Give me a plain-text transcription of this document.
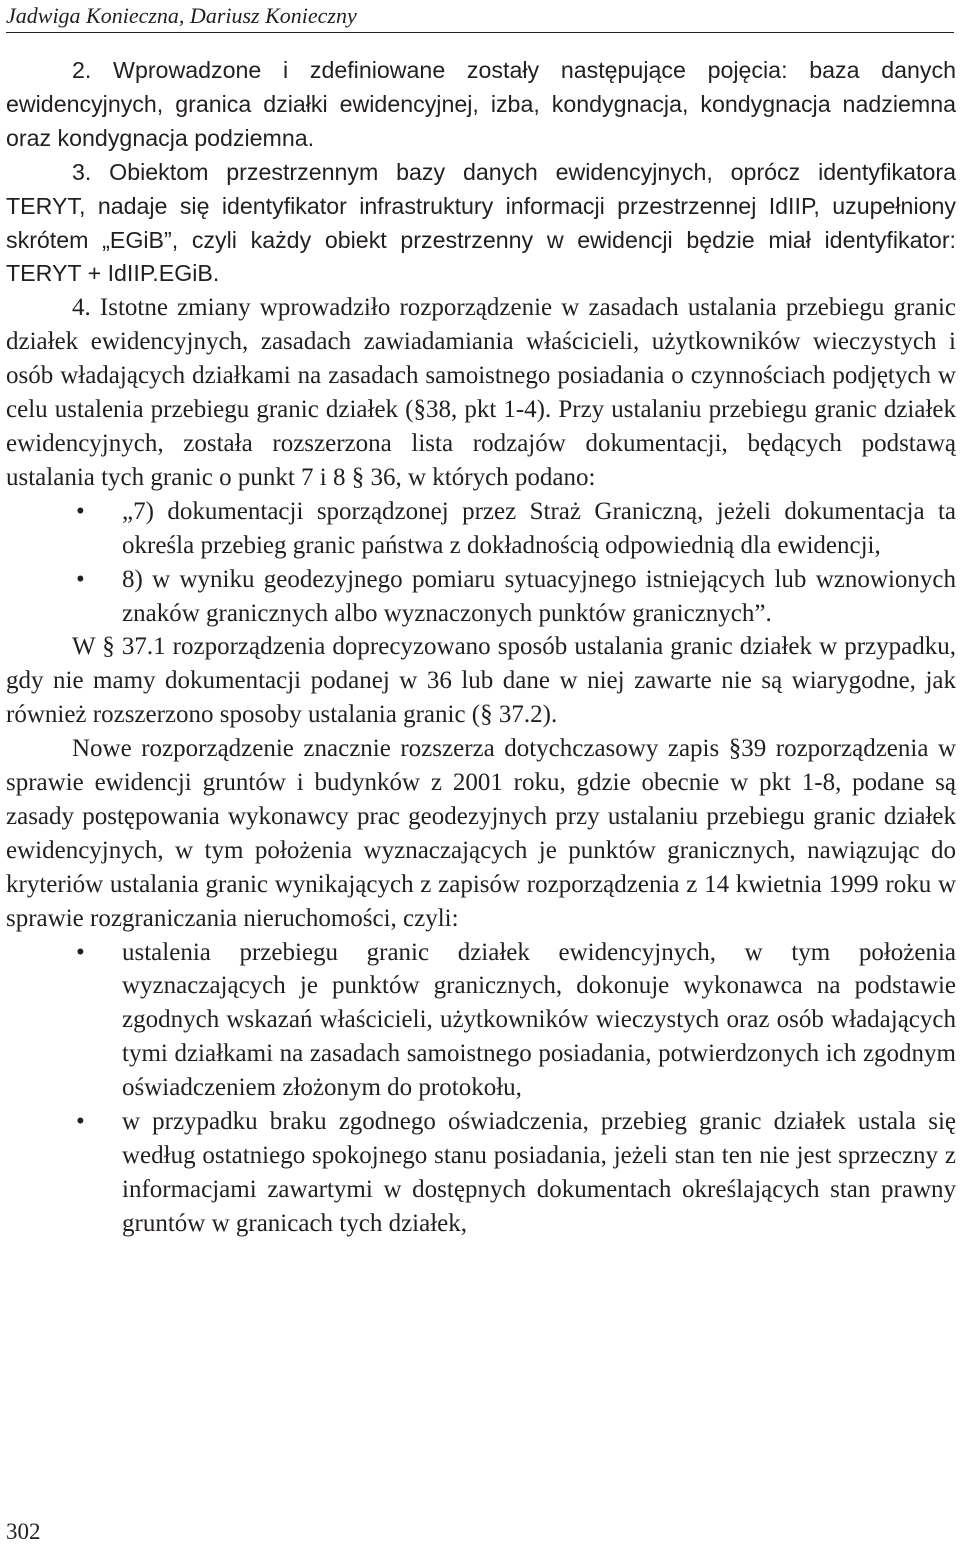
Jadwiga Konieczna, Dariusz Konieczny

2. Wprowadzone i zdefiniowane zostały następujące pojęcia: baza danych ewidencyjnych, granica działki ewidencyjnej, izba, kondygnacja, kondygnacja nadziemna oraz kondygnacja podziemna.

3. Obiektom przestrzennym bazy danych ewidencyjnych, oprócz identyfikatora TERYT, nadaje się identyfikator infrastruktury informacji przestrzennej IdIIP, uzupełniony skrótem „EGiB”, czyli każdy obiekt przestrzenny w ewidencji będzie miał identyfikator: TERYT + IdIIP.EGiB.

4. Istotne zmiany wprowadziło rozporządzenie w zasadach ustalania przebiegu granic działek ewidencyjnych, zasadach zawiadamiania właścicieli, użytkowników wieczystych i osób władających działkami na zasadach samoistnego posiadania o czynnościach podjętych w celu ustalenia przebiegu granic działek (§38, pkt 1-4). Przy ustalaniu przebiegu granic działek ewidencyjnych, została rozszerzona lista rodzajów dokumentacji, będących podstawą ustalania tych granic o punkt 7 i 8 § 36, w których podano:

• „7) dokumentacji sporządzonej przez Straż Graniczną, jeżeli dokumentacja ta określa przebieg granic państwa z dokładnością odpowiednią dla ewidencji,
• 8) w wyniku geodezyjnego pomiaru sytuacyjnego istniejących lub wznowionych znaków granicznych albo wyznaczonych punktów granicznych”.

W § 37.1 rozporządzenia doprecyzowano sposób ustalania granic działek w przypadku, gdy nie mamy dokumentacji podanej w 36 lub dane w niej zawarte nie są wiarygodne, jak również rozszerzono sposoby ustalania granic (§ 37.2).

Nowe rozporządzenie znacznie rozszerza dotychczasowy zapis §39 rozporządzenia w sprawie ewidencji gruntów i budynków z 2001 roku, gdzie obecnie w pkt 1-8, podane są zasady postępowania wykonawcy prac geodezyjnych przy ustalaniu przebiegu granic działek ewidencyjnych, w tym położenia wyznaczających je punktów granicznych, nawiązując do kryteriów ustalania granic wynikających z zapisów rozporządzenia z 14 kwietnia 1999 roku w sprawie rozgraniczania nieruchomości, czyli:

• ustalenia przebiegu granic działek ewidencyjnych, w tym położenia wyznaczających je punktów granicznych, dokonuje wykonawca na podstawie zgodnych wskazań właścicieli, użytkowników wieczystych oraz osób władających tymi działkami na zasadach samoistnego posiadania, potwierdzonych ich zgodnym oświadczeniem złożonym do protokołu,
• w przypadku braku zgodnego oświadczenia, przebieg granic działek ustala się według ostatniego spokojnego stanu posiadania, jeżeli stan ten nie jest sprzeczny z informacjami zawartymi w dostępnych dokumentach określających stan prawny gruntów w granicach tych działek,
302
